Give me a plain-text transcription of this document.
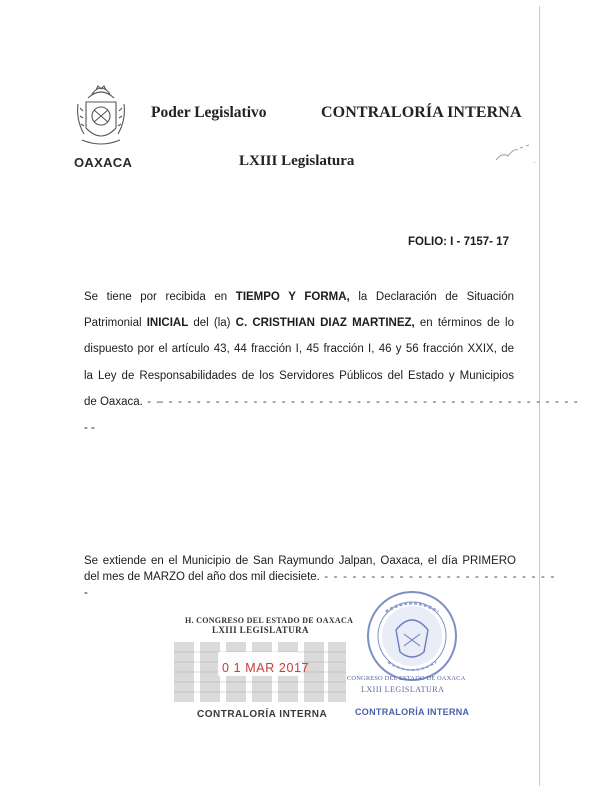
OAXACA
Poder Legislativo	CONTRALORÍA INTERNA
LXIII Legislatura
FOLIO: I - 7157- 17
Se tiene por recibida en TIEMPO Y FORMA, la Declaración de Situación
Patrimonial INICIAL del (la) C. CRISTHIAN DIAZ MARTINEZ, en términos de lo
dispuesto por el artículo 43, 44 fracción I, 45 fracción I, 46 y 56 fracción XXIX, de
la Ley de Responsabilidades de los Servidores Públicos del Estado y Municipios
de Oaxaca. - – - - - - - - - - - - - - - - - - - - - - - - - - - - - - - - - - - - - - - - - - - - - -
- -
Se extiende en el Municipio de San Raymundo Jalpan, Oaxaca, el día PRIMERO
del mes de MARZO del año dos mil diecisiete. - - - - - - - - - - - - - - - - - - - - - - - - -
-
H. CONGRESO DEL ESTADO DE OAXACA
LXIII LEGISLATURA
0 1 MAR 2017
CONTRALORÍA INTERNA
CONGRESO DEL ESTADO DE OAXACA
LXIII LEGISLATURA
CONTRALORÍA INTERNA
